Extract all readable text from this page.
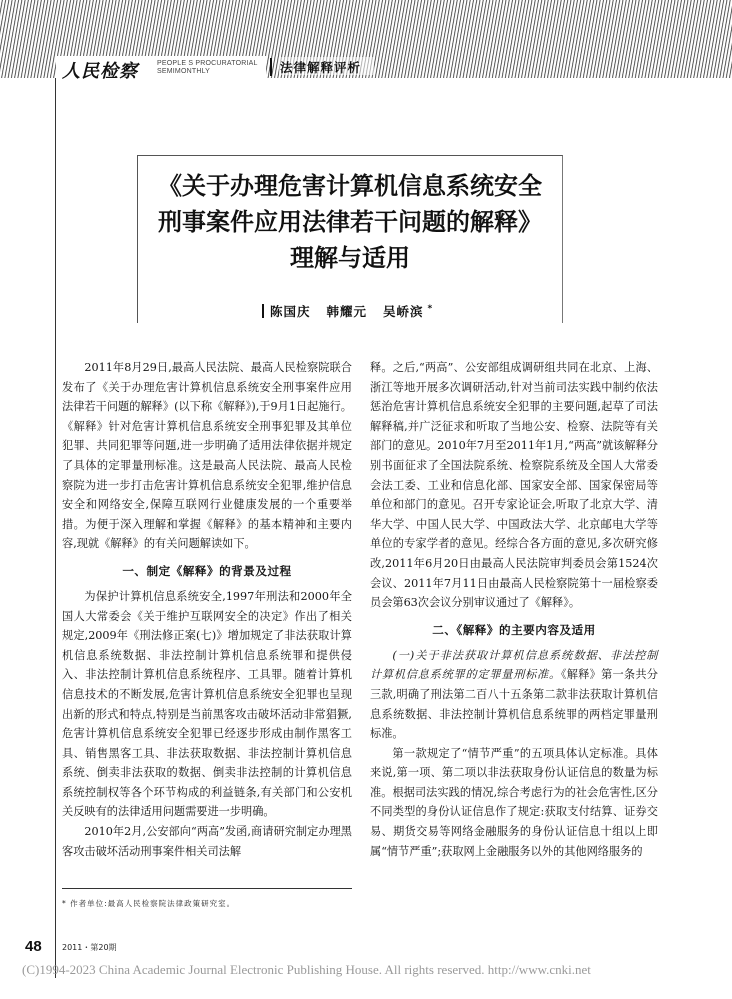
人民检察	PEOPLE S PROCURATORIAL
SEMIMONTHLY	法律解释评析
《关于办理危害计算机信息系统安全
刑事案件应用法律若干问题的解释》
理解与适用
陈国庆 韩耀元 吴峤滨 *

2011年8月29日,最高人民法院、最高人民检察院联合发布了《关于办理危害计算机信息系统安全刑事案件应用法律若干问题的解释》(以下称《解释》),于9月1日起施行。《解释》针对危害计算机信息系统安全刑事犯罪及其单位犯罪、共同犯罪等问题,进一步明确了适用法律依据并规定了具体的定罪量刑标准。这是最高人民法院、最高人民检察院为进一步打击危害计算机信息系统安全犯罪,维护信息安全和网络安全,保障互联网行业健康发展的一个重要举措。为便于深入理解和掌握《解释》的基本精神和主要内容,现就《解释》的有关问题解读如下。

一、制定《解释》的背景及过程

为保护计算机信息系统安全,1997年刑法和2000年全国人大常委会《关于维护互联网安全的决定》作出了相关规定,2009年《刑法修正案(七)》增加规定了非法获取计算机信息系统数据、非法控制计算机信息系统罪和提供侵入、非法控制计算机信息系统程序、工具罪。随着计算机信息技术的不断发展,危害计算机信息系统安全犯罪也呈现出新的形式和特点,特别是当前黑客攻击破坏活动非常猖獗,危害计算机信息系统安全犯罪已经逐步形成由制作黑客工具、销售黑客工具、非法获取数据、非法控制计算机信息系统、倒卖非法获取的数据、倒卖非法控制的计算机信息系统控制权等各个环节构成的利益链条,有关部门和公安机关反映有的法律适用问题需要进一步明确。

2010年2月,公安部向“两高”发函,商请研究制定办理黑客攻击破坏活动刑事案件相关司法解

释。之后,“两高”、公安部组成调研组共同在北京、上海、浙江等地开展多次调研活动,针对当前司法实践中制约依法惩治危害计算机信息系统安全犯罪的主要问题,起草了司法解释稿,并广泛征求和听取了当地公安、检察、法院等有关部门的意见。2010年7月至2011年1月,“两高”就该解释分别书面征求了全国法院系统、检察院系统及全国人大常委会法工委、工业和信息化部、国家安全部、国家保密局等单位和部门的意见。召开专家论证会,听取了北京大学、清华大学、中国人民大学、中国政法大学、北京邮电大学等单位的专家学者的意见。经综合各方面的意见,多次研究修改,2011年6月20日由最高人民法院审判委员会第1524次会议、2011年7月11日由最高人民检察院第十一届检察委员会第63次会议分别审议通过了《解释》。

二、《解释》的主要内容及适用

(一)关于非法获取计算机信息系统数据、非法控制计算机信息系统罪的定罪量刑标准。《解释》第一条共分三款,明确了刑法第二百八十五条第二款非法获取计算机信息系统数据、非法控制计算机信息系统罪的两档定罪量刑标准。

第一款规定了“情节严重”的五项具体认定标准。具体来说,第一项、第二项以非法获取身份认证信息的数量为标准。根据司法实践的情况,综合考虑行为的社会危害性,区分不同类型的身份认证信息作了规定:获取支付结算、证券交易、期货交易等网络金融服务的身份认证信息十组以上即属“情节严重”;获取网上金融服务以外的其他网络服务的

* 作者单位:最高人民检察院法律政策研究室。
48	2011・第20期
(C)1994-2023 China Academic Journal Electronic Publishing House. All rights reserved. http://www.cnki.net
